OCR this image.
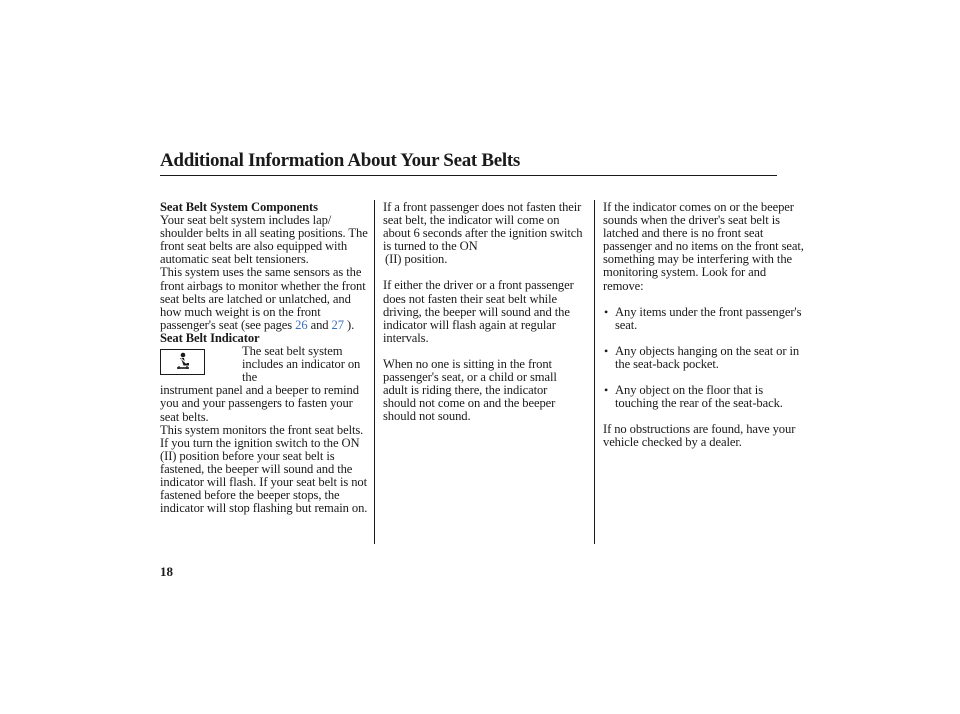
Additional Information About Your Seat Belts

Seat Belt System Components

Your seat belt system includes lap/ shoulder belts in all seating positions. The front seat belts are also equipped with automatic seat belt tensioners.

This system uses the same sensors as the front airbags to monitor whether the front seat belts are latched or unlatched, and how much weight is on the front passenger's seat (see pages 26 and 27 ).

Seat Belt Indicator

The seat belt system includes an indicator on the

instrument panel and a beeper to remind you and your passengers to fasten your seat belts.

This system monitors the front seat belts. If you turn the ignition switch to the ON (II) position before your seat belt is fastened, the beeper will sound and the indicator will flash. If your seat belt is not fastened before the beeper stops, the indicator will stop flashing but remain on.

If a front passenger does not fasten their seat belt, the indicator will come on about 6 seconds after the ignition switch is turned to the ON
(II) position.

If either the driver or a front passenger does not fasten their seat belt while driving, the beeper will sound and the indicator will flash again at regular intervals.

When no one is sitting in the front passenger's seat, or a child or small adult is riding there, the indicator should not come on and the beeper should not sound.

If the indicator comes on or the beeper sounds when the driver's seat belt is latched and there is no front seat passenger and no items on the front seat, something may be interfering with the monitoring system. Look for and remove:

• Any items under the front passenger's seat.
• Any objects hanging on the seat or in the seat-back pocket.
• Any object on the floor that is touching the rear of the seat-back.

If no obstructions are found, have your vehicle checked by a dealer.

18
